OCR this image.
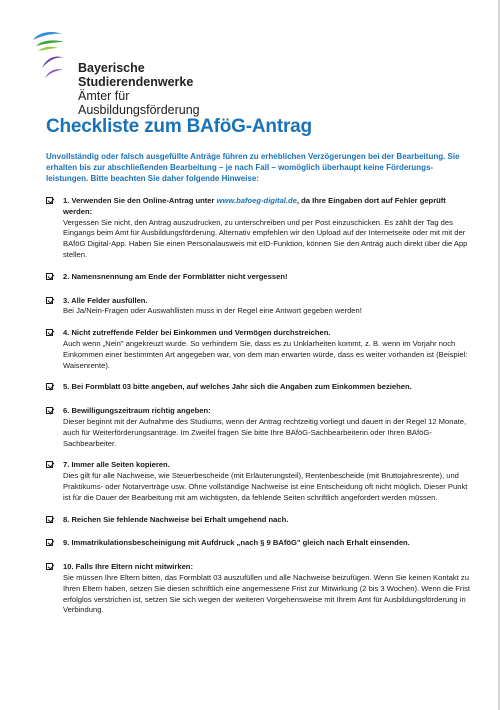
Bayerische Studierendenwerke
Ämter für Ausbildungsförderung
Checkliste zum BAföG-Antrag
Unvollständig oder falsch ausgefüllte Anträge führen zu erheblichen Verzögerungen bei der Bearbeitung. Sie erhalten bis zur abschließenden Bearbeitung – je nach Fall – womöglich überhaupt keine Förderungs-leistungen. Bitte beachten Sie daher folgende Hinweise:
1. Verwenden Sie den Online-Antrag unter www.bafoeg-digital.de, da Ihre Eingaben dort auf Fehler geprüft werden:
Vergessen Sie nicht, den Antrag auszudrucken, zu unterschreiben und per Post einzuschicken. Es zählt der Tag des Eingangs beim Amt für Ausbildungsförderung. Alternativ empfehlen wir den Upload auf der Internetseite oder mit mit der BAföG Digital-App. Haben Sie einen Personalausweis mit eID-Funktion, können Sie den Antrag auch direkt über die App stellen.
2. Namensnennung am Ende der Formblätter nicht vergessen!
3. Alle Felder ausfüllen.
Bei Ja/Nein-Fragen oder Auswahllisten muss in der Regel eine Antwort gegeben werden!
4. Nicht zutreffende Felder bei Einkommen und Vermögen durchstreichen.
Auch wenn „Nein" angekreuzt wurde. So verhindern Sie, dass es zu Unklarheiten kommt, z. B. wenn im Vorjahr noch Einkommen einer bestimmten Art angegeben war, von dem man erwarten würde, dass es weiter vorhanden ist (Beispiel: Waisenrente).
5. Bei Formblatt 03 bitte angeben, auf welches Jahr sich die Angaben zum Einkommen beziehen.
6. Bewilligungszeitraum richtig angeben:
Dieser beginnt mit der Aufnahme des Studiums, wenn der Antrag rechtzeitig vorliegt und dauert in der Regel 12 Monate, auch für Weiterförderungsanträge. Im Zweifel fragen Sie bitte Ihre BAföG-Sachbearbeiterin oder Ihren BAföG-Sachbearbeiter.
7. Immer alle Seiten kopieren.
Dies gilt für alle Nachweise, wie Steuerbescheide (mit Erläuterungsteil), Rentenbescheide (mit Bruttojahresrente), und Praktikums- oder Notarverträge usw. Ohne vollständige Nachweise ist eine Entscheidung oft nicht möglich. Dieser Punkt ist für die Dauer der Bearbeitung mit am wichtigsten, da fehlende Seiten schriftlich angefordert werden müssen.
8. Reichen Sie fehlende Nachweise bei Erhalt umgehend nach.
9. Immatrikulationsbescheinigung mit Aufdruck „nach § 9 BAföG" gleich nach Erhalt einsenden.
10. Falls Ihre Eltern nicht mitwirken:
Sie müssen Ihre Eltern bitten, das Formblatt 03 auszufüllen und alle Nachweise beizufügen. Wenn Sie keinen Kontakt zu Ihren Eltern haben, setzen Sie diesen schriftlich eine angemessene Frist zur Mitwirkung (2 bis 3 Wochen). Wenn die Frist erfolglos verstrichen ist, setzen Sie sich wegen der weiteren Vorgehensweise mit Ihrem Amt für Ausbildungsförderung in Verbindung.
